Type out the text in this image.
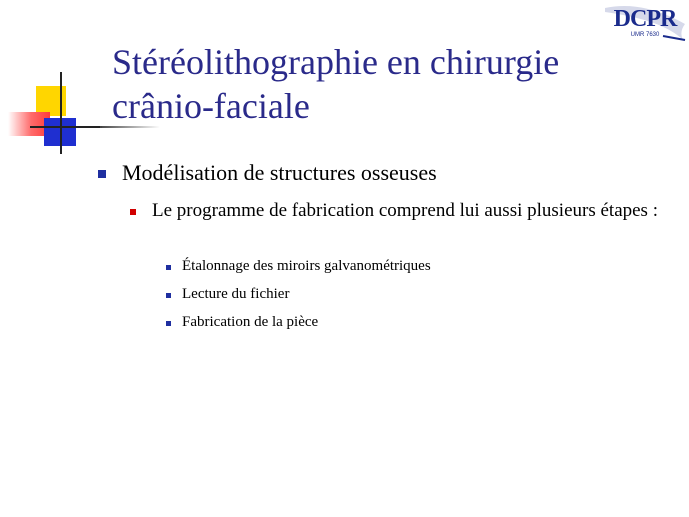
DCPR
UMR 7630
Stéréolithographie en chirurgie
crânio-faciale
Modélisation de structures osseuses
Le programme de fabrication comprend lui aussi plusieurs étapes :
Étalonnage des miroirs galvanométriques
Lecture du fichier
Fabrication de la pièce
